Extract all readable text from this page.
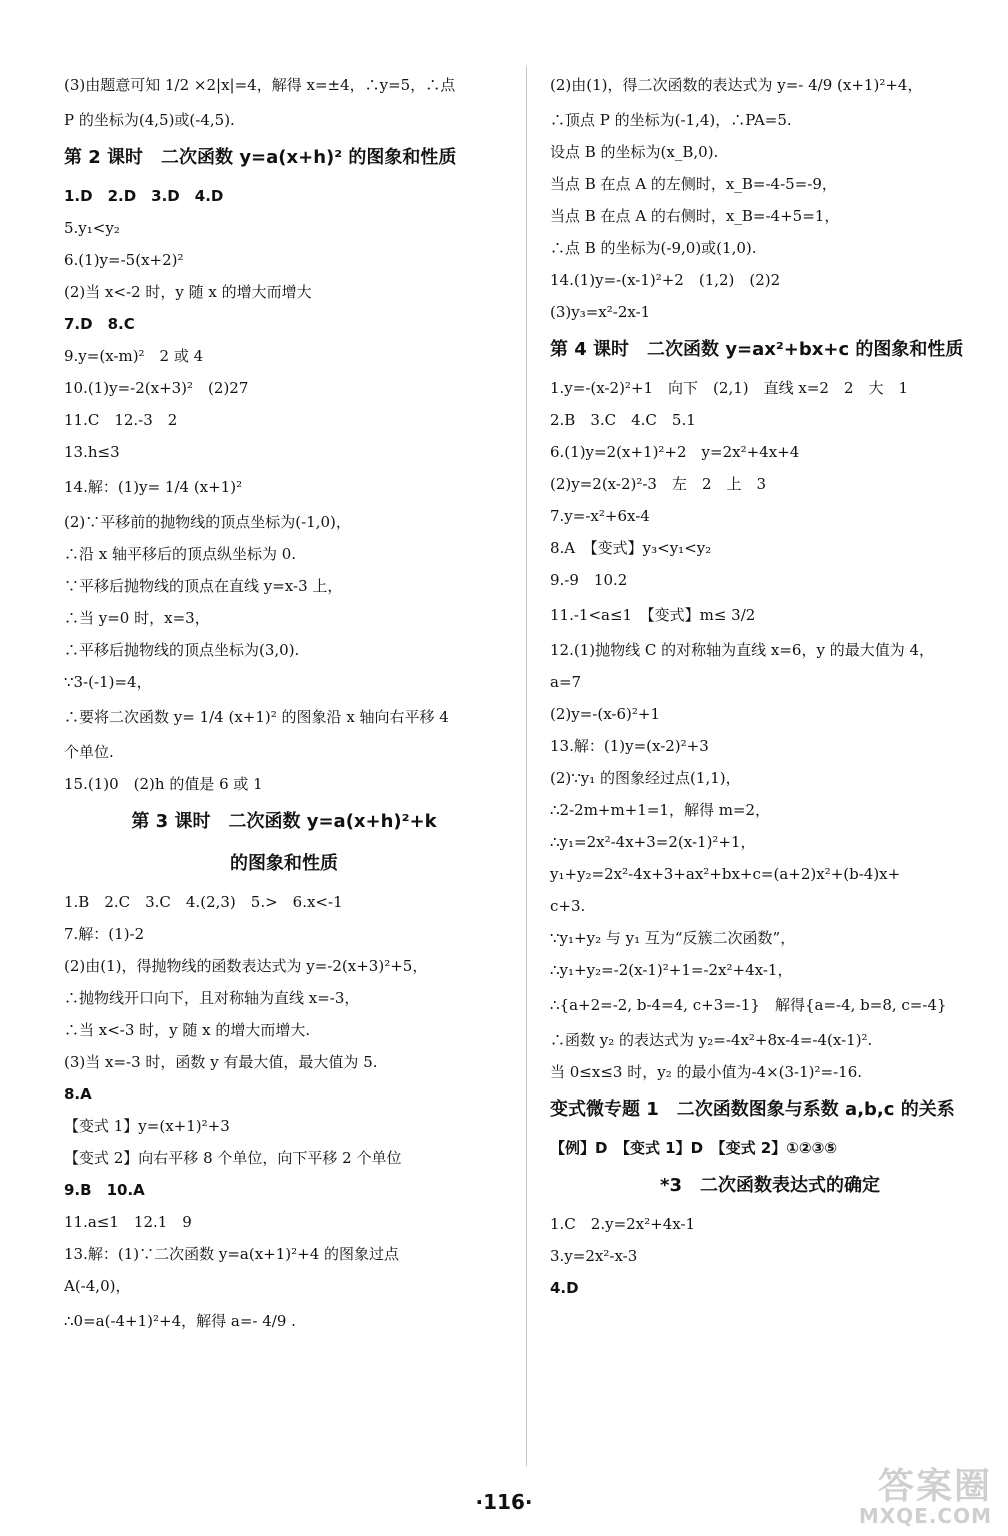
(3)由题意可知 1/2 ×2|x|=4，解得 x=±4，∴y=5，∴点
P 的坐标为(4,5)或(-4,5).
第 2 课时　二次函数 y=a(x+h)² 的图象和性质
1.D　2.D　3.D　4.D
5.y₁<y₂
6.(1)y=-5(x+2)²
(2)当 x<-2 时，y 随 x 的增大而增大
7.D　8.C
9.y=(x-m)²　2 或 4
10.(1)y=-2(x+3)²　(2)27
11.C　12.-3　2
13.h≤3
14.解：(1)y= 1/4 (x+1)²
(2)∵平移前的抛物线的顶点坐标为(-1,0)，
∴沿 x 轴平移后的顶点纵坐标为 0.
∵平移后抛物线的顶点在直线 y=x-3 上，
∴当 y=0 时，x=3，
∴平移后抛物线的顶点坐标为(3,0).
∵3-(-1)=4，
∴要将二次函数 y= 1/4 (x+1)² 的图象沿 x 轴向右平移 4
个单位.
15.(1)0　(2)h 的值是 6 或 1
第 3 课时　二次函数 y=a(x+h)²+k
的图象和性质
1.B　2.C　3.C　4.(2,3)　5.>　6.x<-1
7.解：(1)-2
(2)由(1)，得抛物线的函数表达式为 y=-2(x+3)²+5，
∴抛物线开口向下，且对称轴为直线 x=-3，
∴当 x<-3 时，y 随 x 的增大而增大.
(3)当 x=-3 时，函数 y 有最大值，最大值为 5.
8.A
【变式 1】y=(x+1)²+3
【变式 2】向右平移 8 个单位，向下平移 2 个单位
9.B　10.A
11.a≤1　12.1　9
13.解：(1)∵二次函数 y=a(x+1)²+4 的图象过点
A(-4,0)，
∴0=a(-4+1)²+4，解得 a=- 4/9 .
(2)由(1)，得二次函数的表达式为 y=- 4/9 (x+1)²+4，
∴顶点 P 的坐标为(-1,4)，∴PA=5.
设点 B 的坐标为(x_B,0).
当点 B 在点 A 的左侧时，x_B=-4-5=-9，
当点 B 在点 A 的右侧时，x_B=-4+5=1，
∴点 B 的坐标为(-9,0)或(1,0).
14.(1)y=-(x-1)²+2　(1,2)　(2)2
(3)y₃=x²-2x-1
第 4 课时　二次函数 y=ax²+bx+c 的图象和性质
1.y=-(x-2)²+1　向下　(2,1)　直线 x=2　2　大　1
2.B　3.C　4.C　5.1
6.(1)y=2(x+1)²+2　y=2x²+4x+4
(2)y=2(x-2)²-3　左　2　上　3
7.y=-x²+6x-4
8.A　【变式】y₃<y₁<y₂
9.-9　10.2
11.-1<a≤1　【变式】m≤ 3/2
12.(1)抛物线 C 的对称轴为直线 x=6，y 的最大值为 4，
a=7
(2)y=-(x-6)²+1
13.解：(1)y=(x-2)²+3
(2)∵y₁ 的图象经过点(1,1)，
∴2-2m+m+1=1，解得 m=2，
∴y₁=2x²-4x+3=2(x-1)²+1，
y₁+y₂=2x²-4x+3+ax²+bx+c=(a+2)x²+(b-4)x+
c+3.
∵y₁+y₂ 与 y₁ 互为“反簇二次函数”，
∴y₁+y₂=-2(x-1)²+1=-2x²+4x-1，
∴{a+2=-2, b-4=4, c+3=-1}　解得{a=-4, b=8, c=-4}
∴函数 y₂ 的表达式为 y₂=-4x²+8x-4=-4(x-1)².
当 0≤x≤3 时，y₂ 的最小值为-4×(3-1)²=-16.
变式微专题 1　二次函数图象与系数 a,b,c 的关系
【例】D　【变式 1】D　【变式 2】①②③⑤
*3　二次函数表达式的确定
1.C　2.y=2x²+4x-1
3.y=2x²-x-3
4.D
·116·	答案圈
MXQE.COM
